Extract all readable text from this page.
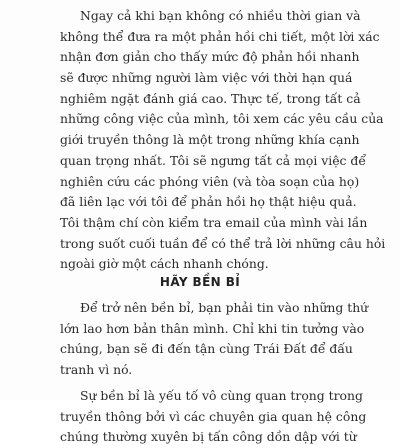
Ngay cả khi bạn không có nhiều thời gian và
không thể đưa ra một phản hồi chi tiết, một lời xác
nhận đơn giản cho thấy mức độ phản hồi nhanh
sẽ được những người làm việc với thời hạn quá
nghiêm ngặt đánh giá cao. Thực tế, trong tất cả
những công việc của mình, tôi xem các yêu cầu của
giới truyền thông là một trong những khía cạnh
quan trọng nhất. Tôi sẽ ngưng tất cả mọi việc để
nghiên cứu các phóng viên (và tòa soạn của họ)
đã liên lạc với tôi để phản hồi họ thật hiệu quả.
Tôi thậm chí còn kiểm tra email của mình vài lần
trong suốt cuối tuần để có thể trả lời những câu hỏi
ngoài giờ một cách nhanh chóng.
HÃY BỀN BỈ
Để trở nên bền bỉ, bạn phải tin vào những thứ
lớn lao hơn bản thân mình. Chỉ khi tin tưởng vào
chúng, bạn sẽ đi đến tận cùng Trái Đất để đấu
tranh vì nó.
Sự bền bỉ là yếu tố vô cùng quan trọng trong
truyền thông bởi vì các chuyên gia quan hệ công
chúng thường xuyên bị tấn công dồn dập với từ
